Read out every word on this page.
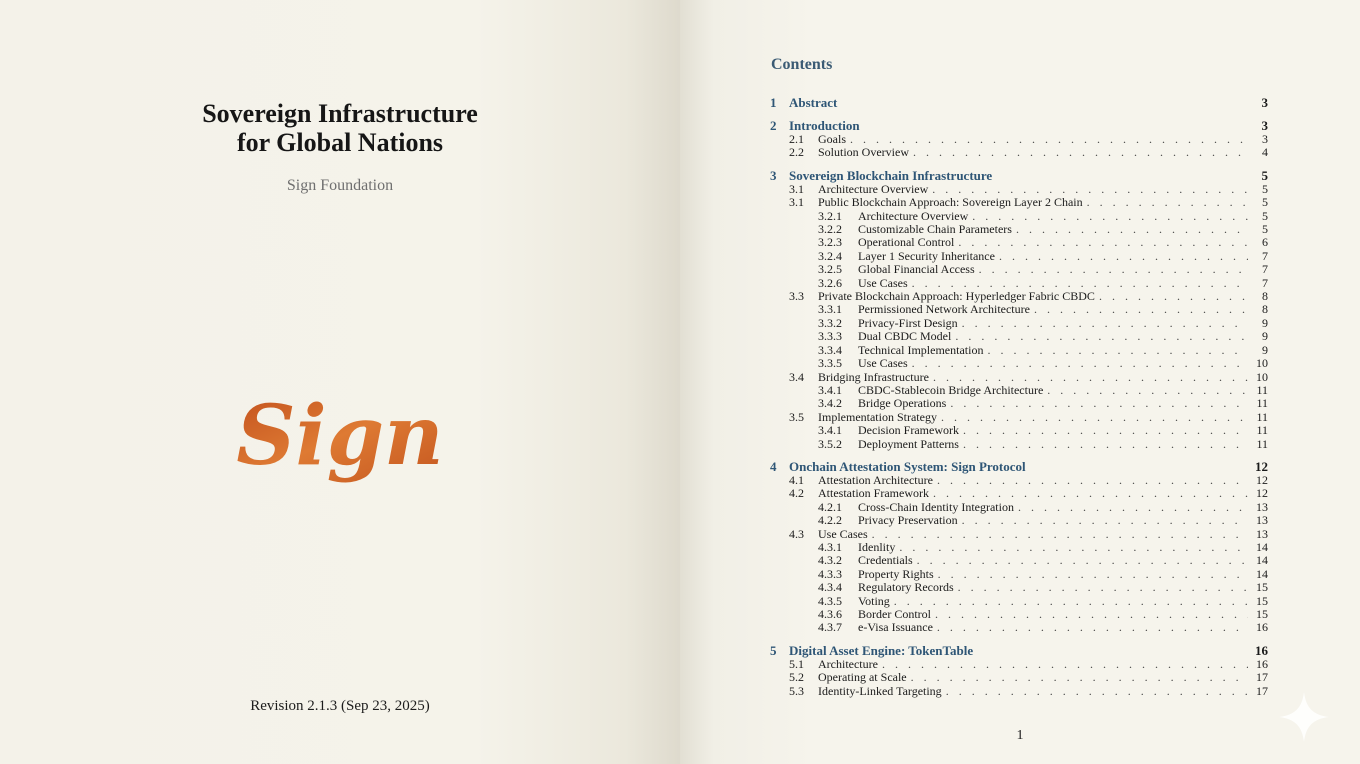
Sovereign Infrastructure
for Global Nations
Sign Foundation
Sign
Revision 2.1.3 (Sep 23, 2025)
Contents
1 Abstract	3
2 Introduction	3
2.1	Goals . . .	3
2.2	Solution Overview . . .	4
3 Sovereign Blockchain Infrastructure	5
3.1	Architecture Overview . . .	5
3.1	Public Blockchain Approach: Sovereign Layer 2 Chain . . .	5
3.2.1	Architecture Overview . . .	5
3.2.2	Customizable Chain Parameters . . .	5
3.2.3	Operational Control . . .	6
3.2.4	Layer 1 Security Inheritance . . .	7
3.2.5	Global Financial Access . . .	7
3.2.6	Use Cases . . .	7
3.3	Private Blockchain Approach: Hyperledger Fabric CBDC . . .	8
3.3.1	Permissioned Network Architecture . . .	8
3.3.2	Privacy-First Design . . .	9
3.3.3	Dual CBDC Model . . .	9
3.3.4	Technical Implementation . . .	9
3.3.5	Use Cases . . .	10
3.4	Bridging Infrastructure . . .	10
3.4.1	CBDC-Stablecoin Bridge Architecture . . .	11
3.4.2	Bridge Operations . . .	11
3.5	Implementation Strategy . . .	11
3.4.1	Decision Framework . . .	11
3.5.2	Deployment Patterns . . .	11
4 Onchain Attestation System: Sign Protocol	12
4.1	Attestation Architecture . . .	12
4.2	Attestation Framework . . .	12
4.2.1	Cross-Chain Identity Integration . . .	13
4.2.2	Privacy Preservation . . .	13
4.3	Use Cases . . .	13
4.3.1	Idenlity . . .	14
4.3.2	Credentials . . .	14
4.3.3	Property Rights . . .	14
4.3.4	Regulatory Records . . .	15
4.3.5	Voting . . .	15
4.3.6	Border Control . . .	15
4.3.7	e-Visa Issuance . . .	16
5 Digital Asset Engine: TokenTable	16
5.1	Architecture . . .	16
5.2	Operating at Scale . . .	17
5.3	Identity-Linked Targeting . . .	17
1
